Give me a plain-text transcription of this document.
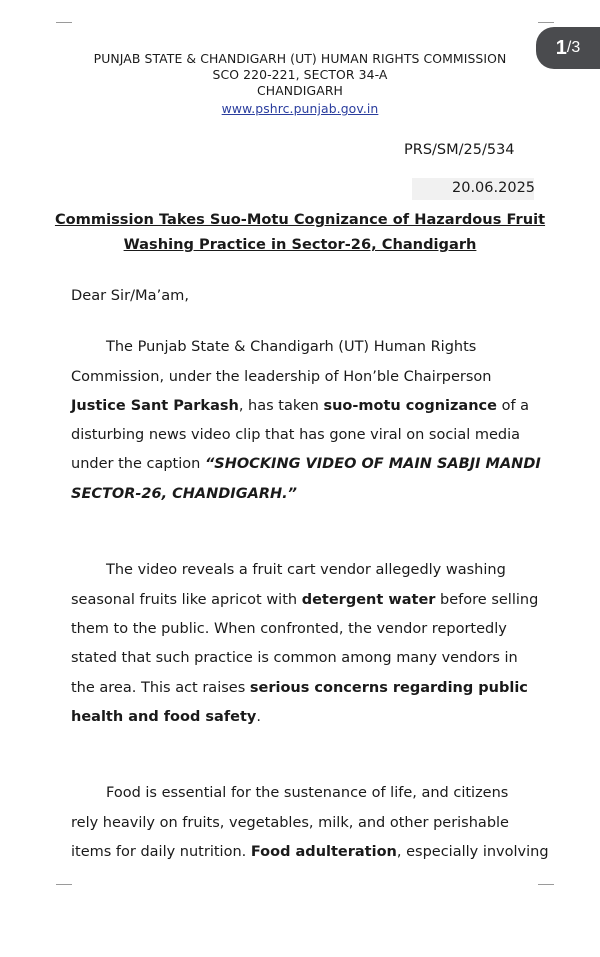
1 /3
PUNJAB STATE & CHANDIGARH (UT) HUMAN RIGHTS COMMISSION
SCO 220-221, SECTOR 34-A
CHANDIGARH
www.pshrc.punjab.gov.in
PRS/SM/25/534
20.06.2025
Commission Takes Suo-Motu Cognizance of Hazardous Fruit
Washing Practice in Sector-26, Chandigarh
Dear Sir/Ma’am,
The Punjab State & Chandigarh (UT) Human Rights
Commission, under the leadership of Hon’ble Chairperson
Justice Sant Parkash, has taken suo-motu cognizance of a
disturbing news video clip that has gone viral on social media
under the caption “SHOCKING VIDEO OF MAIN SABJI MANDI
SECTOR-26, CHANDIGARH.”
The video reveals a fruit cart vendor allegedly washing
seasonal fruits like apricot with detergent water before selling
them to the public. When confronted, the vendor reportedly
stated that such practice is common among many vendors in
the area. This act raises serious concerns regarding public
health and food safety.
Food is essential for the sustenance of life, and citizens
rely heavily on fruits, vegetables, milk, and other perishable
items for daily nutrition. Food adulteration, especially involving
